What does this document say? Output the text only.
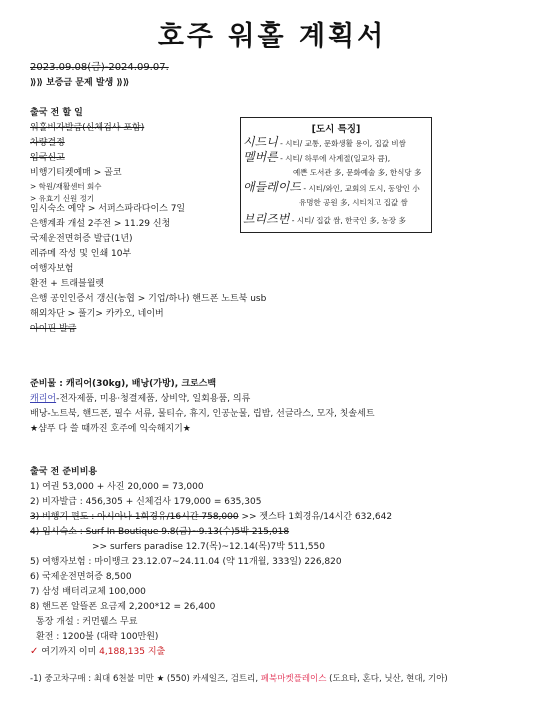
호주 워홀 계획서
2023.09.08(금)-2024.09.07.
⟫⟫ 보증금 문제 발생 ⟫⟫
출국 전 할 일
워홀비자발급(신체검사 포함)
차량결정
입국신고
비행기티켓예매 > 골코
> 학원/재활센터 회수
> 유효기 신원 정기
임시숙소 예약 > 서퍼스파라다이스 7일
은행계좌 개설 2주전 > 11.29 신청
국제운전면허증 발급(1년)
레쥬메 작성 및 인쇄 10부
여행자보험
환전 + 트래블월렛
은행 공인인증서 갱신(농협 > 기업/하나) 핸드폰 노트북 usb
해외차단 > 풀기> 카카오, 네이버
아이핀 발급
[도시 특징]
시드니 - 시티/ 교통, 문화생활 용이, 집값 비쌈
멜버른 - 시티/ 하루에 사계절(일교차 큼),
예쁜 도서관 多, 문화예술 多, 한식당 多
애들레이드 - 시티/와인, 교회의 도시, 동양인 小
유명한 공원 多, 시티치고 집값 쌈
브리즈번 - 시티/ 집값 쌈, 한국인 多, 농장 多
준비물 : 캐리어(30kg), 배낭(가방), 크로스백
캐리어-전자제품, 미용·청결제품, 상비약, 일회용품, 의류
배낭-노트북, 핸드폰, 필수 서류, 물티슈, 휴지, 인공눈물, 립밤, 선글라스, 모자, 칫솔세트
★샴푸 다 쓸 때까진 호주에 익숙해지기★
출국 전 준비비용
1) 여권 53,000 + 사진 20,000 = 73,000
2) 비자발급 : 456,305 + 신체검사 179,000 = 635,305
3) 비행기 편도 : 아시아나 1회경유/16시간 758,000 >> 젯스타 1회경유/14시간 632,642
4) 임시숙소 : Surf In Boutique 9.8(금)~9.13(수)5박 215,018
>> surfers paradise 12.7(목)~12.14(목)7박 511,550
5) 여행자보험 : 마이뱅크 23.12.07~24.11.04 (약 11개월, 333일) 226,820
6) 국제운전면허증 8,500
7) 삼성 배터리교체 100,000
8) 핸드폰 알뜰폰 요금제 2,200*12 = 26,400
통장 개설 : 커먼웰스 무료
환전 : 1200불 (대략 100만원)
✓ 여기까지 이미 4,188,135 지출
-1) 중고차구매 : 최대 6천불 미만 ★ (550) 카세일즈, 검트리, 페북마켓플레이스 (도요타, 혼다, 닛산, 현대, 기아)
